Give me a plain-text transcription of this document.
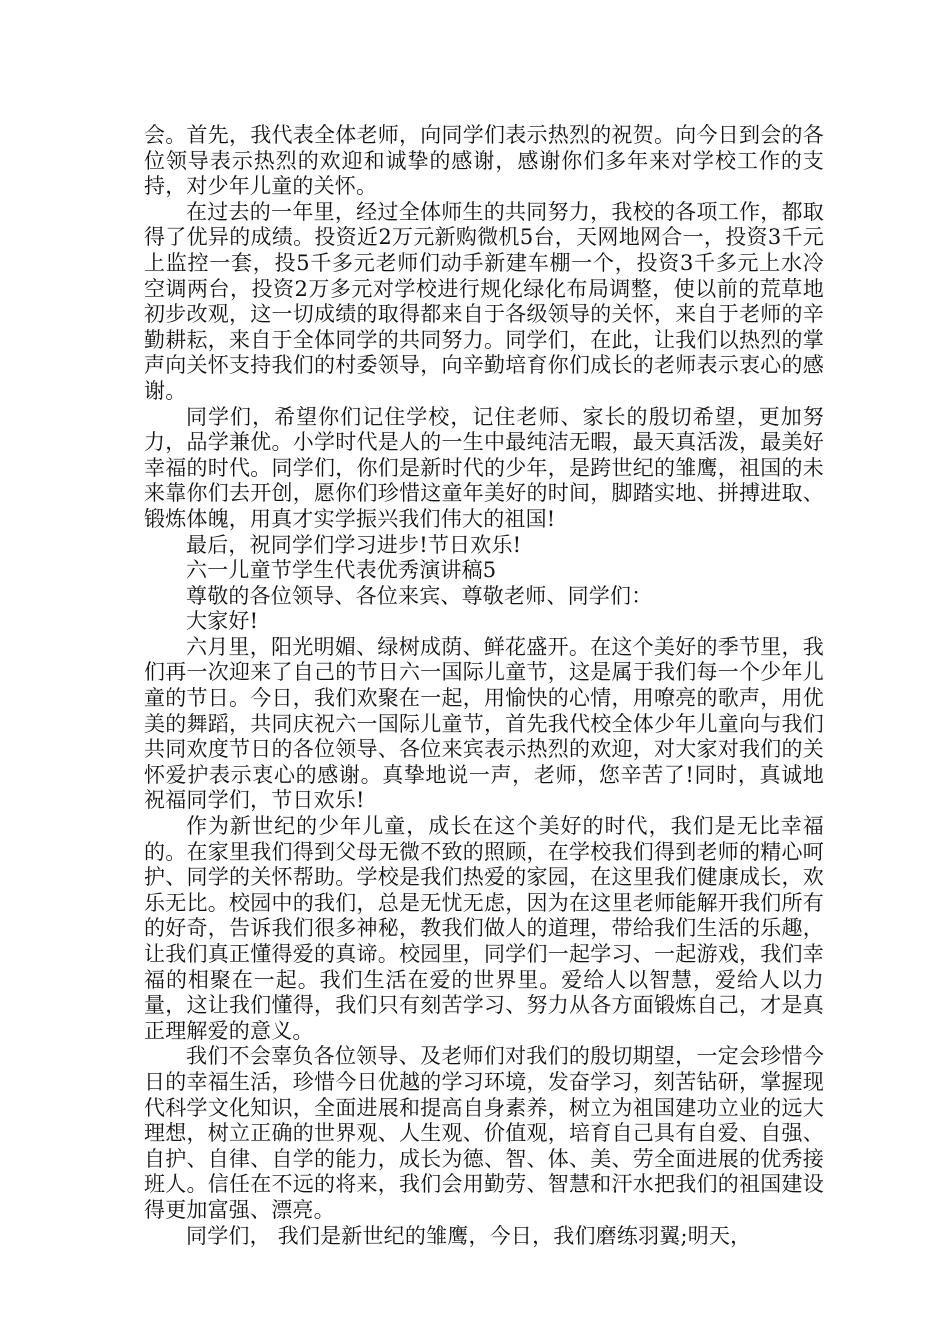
会。首先，我代表全体老师，向同学们表示热烈的祝贺。向今日到会的各位领导表示热烈的欢迎和诚挚的感谢，感谢你们多年来对学校工作的支持，对少年儿童的关怀。

在过去的一年里，经过全体师生的共同努力，我校的各项工作，都取得了优异的成绩。投资近2万元新购微机5台，天网地网合一，投资3千元上监控一套，投5千多元老师们动手新建车棚一个，投资3千多元上水冷空调两台，投资2万多元对学校进行规化绿化布局调整，使以前的荒草地初步改观，这一切成绩的取得都来自于各级领导的关怀，来自于老师的辛勤耕耘，来自于全体同学的共同努力。同学们，在此，让我们以热烈的掌声向关怀支持我们的村委领导，向辛勤培育你们成长的老师表示衷心的感谢。

同学们，希望你们记住学校，记住老师、家长的殷切希望，更加努力，品学兼优。小学时代是人的一生中最纯洁无暇，最天真活泼，最美好幸福的时代。同学们，你们是新时代的少年，是跨世纪的雏鹰，祖国的未来靠你们去开创，愿你们珍惜这童年美好的时间，脚踏实地、拼搏进取、锻炼体魄，用真才实学振兴我们伟大的祖国!

最后，祝同学们学习进步!节日欢乐!

六一儿童节学生代表优秀演讲稿5

尊敬的各位领导、各位来宾、尊敬老师、同学们：

大家好!

六月里，阳光明媚、绿树成荫、鲜花盛开。在这个美好的季节里，我们再一次迎来了自己的节日六一国际儿童节，这是属于我们每一个少年儿童的节日。今日，我们欢聚在一起，用愉快的心情，用嘹亮的歌声，用优美的舞蹈，共同庆祝六一国际儿童节，首先我代校全体少年儿童向与我们共同欢度节日的各位领导、各位来宾表示热烈的欢迎，对大家对我们的关怀爱护表示衷心的感谢。真挚地说一声，老师，您辛苦了!同时，真诚地祝福同学们，节日欢乐!

作为新世纪的少年儿童，成长在这个美好的时代，我们是无比幸福的。在家里我们得到父母无微不致的照顾，在学校我们得到老师的精心呵护、同学的关怀帮助。学校是我们热爱的家园，在这里我们健康成长，欢乐无比。校园中的我们，总是无忧无虑，因为在这里老师能解开我们所有的好奇，告诉我们很多神秘，教我们做人的道理，带给我们生活的乐趣，让我们真正懂得爱的真谛。校园里，同学们一起学习、一起游戏，我们幸福的相聚在一起。我们生活在爱的世界里。爱给人以智慧，爱给人以力量，这让我们懂得，我们只有刻苦学习、努力从各方面锻炼自己，才是真正理解爱的意义。

我们不会辜负各位领导、及老师们对我们的殷切期望，一定会珍惜今日的幸福生活，珍惜今日优越的学习环境，发奋学习，刻苦钻研，掌握现代科学文化知识，全面进展和提高自身素养，树立为祖国建功立业的远大理想，树立正确的世界观、人生观、价值观，培育自己具有自爱、自强、自护、自律、自学的能力，成长为德、智、体、美、劳全面进展的优秀接班人。信任在不远的将来，我们会用勤劳、智慧和汗水把我们的祖国建设得更加富强、漂亮。

同学们， 我们是新世纪的雏鹰，今日，我们磨练羽翼;明天，
